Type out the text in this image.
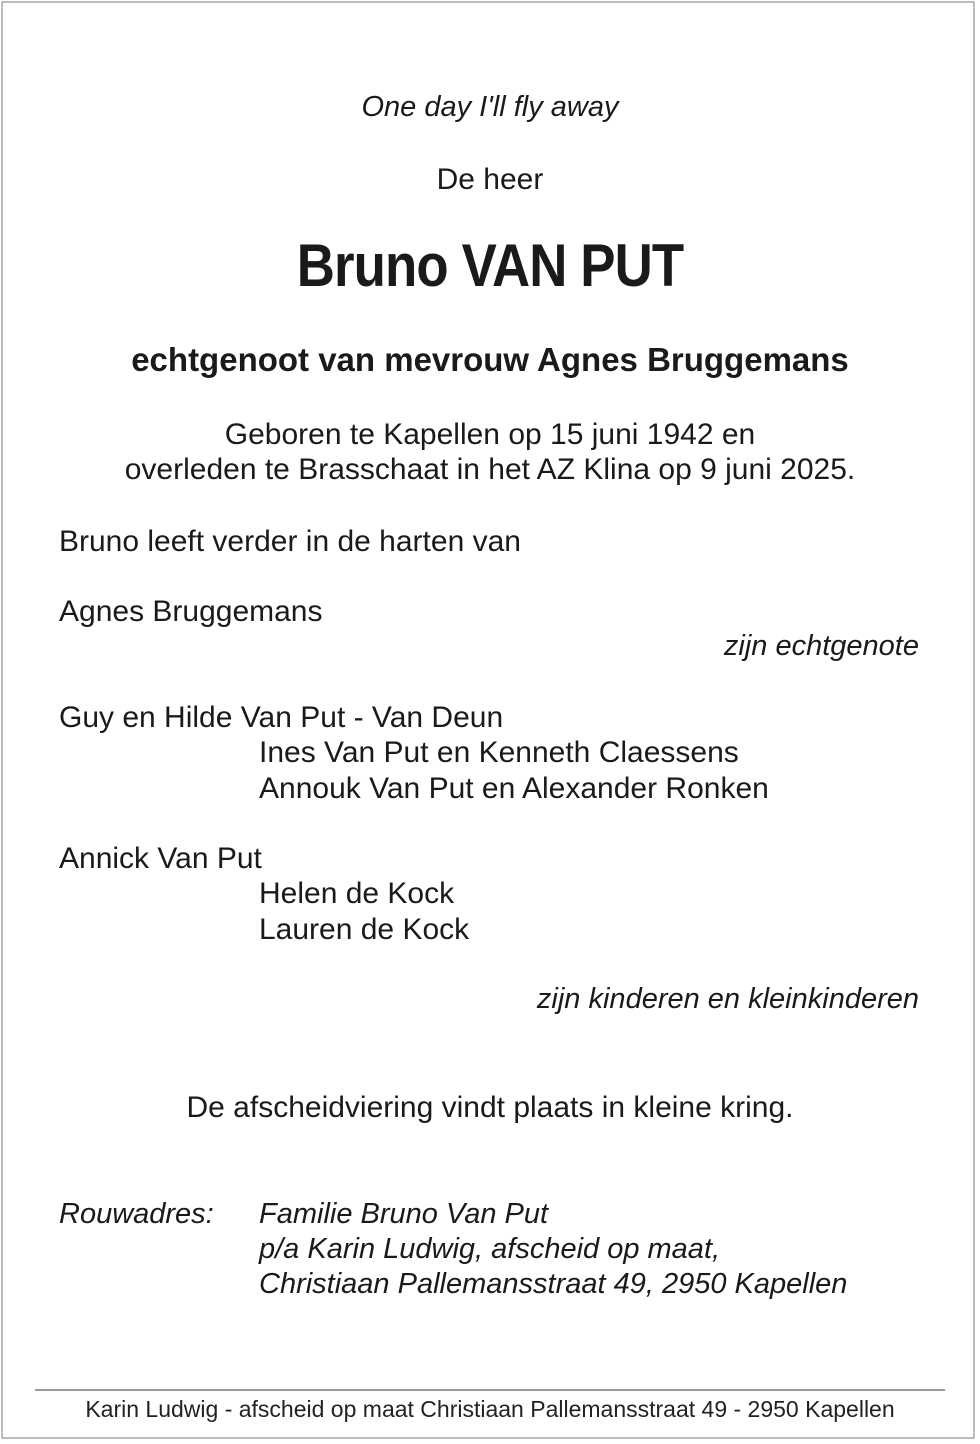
One day I'll fly away
De heer
Bruno VAN PUT
echtgenoot van mevrouw Agnes Bruggemans
Geboren te Kapellen op 15 juni 1942 en
overleden te Brasschaat in het AZ Klina op 9 juni 2025.
Bruno leeft verder in de harten van
Agnes Bruggemans
zijn echtgenote
Guy en Hilde Van Put - Van Deun
Ines Van Put en Kenneth Claessens
Annouk Van Put en Alexander Ronken
Annick Van Put
Helen de Kock
Lauren de Kock
zijn kinderen en kleinkinderen
De afscheidviering vindt plaats in kleine kring.
Rouwadres: Familie Bruno Van Put
p/a Karin Ludwig, afscheid op maat,
Christiaan Pallemansstraat 49, 2950 Kapellen
Karin Ludwig - afscheid op maat Christiaan Pallemansstraat 49 - 2950 Kapellen
